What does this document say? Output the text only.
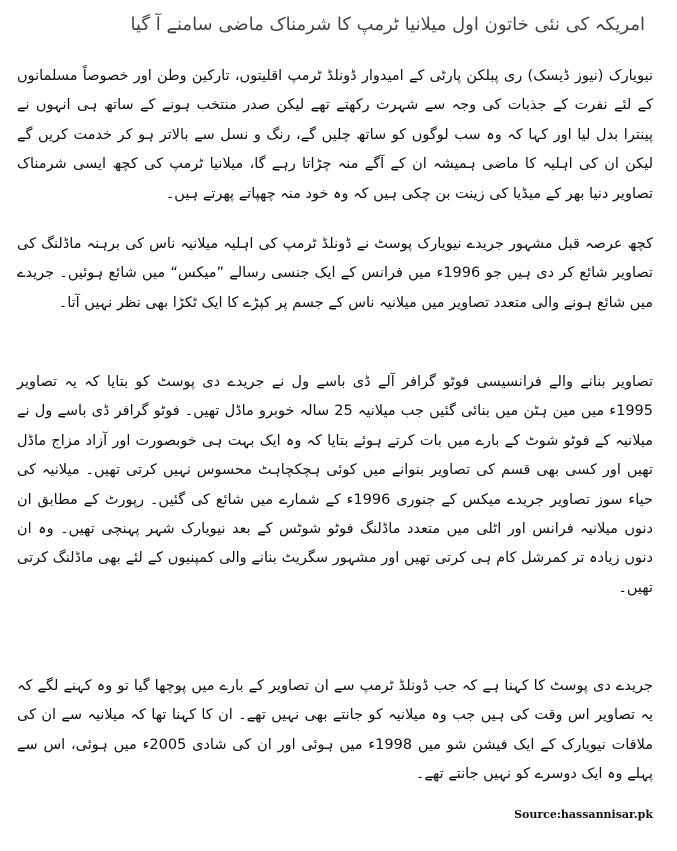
امریکہ کی نئی خاتون اول میلانیا ٹرمپ کا شرمناک ماضی سامنے آ گیا

نیویارک (نیوز ڈیسک) ری پبلکن پارٹی کے امیدوار ڈونلڈ ٹرمپ اقلیتوں، تارکین وطن اور خصوصاً مسلمانوں کے لئے نفرت کے جذبات کی وجہ سے شہرت رکھتے تھے لیکن صدر منتخب ہونے کے ساتھ ہی انہوں نے پینترا بدل لیا اور کہا کہ وہ سب لوگوں کو ساتھ چلیں گے، رنگ و نسل سے بالاتر ہو کر خدمت کریں گے لیکن ان کی اہلیہ کا ماضی ہمیشہ ان کے آگے منہ چڑاتا رہے گا، میلانیا ٹرمپ کی کچھ ایسی شرمناک تصاویر دنیا بھر کے میڈیا کی زینت بن چکی ہیں کہ وہ خود منہ چھپاتے پھرتے ہیں۔

کچھ عرصہ قبل مشہور جریدے نیویارک پوسٹ نے ڈونلڈ ٹرمپ کی اہلیہ میلانیہ ناس کی برہنہ ماڈلنگ کی تصاویر شائع کر دی ہیں جو 1996ء میں فرانس کے ایک جنسی رسالے ”میکس“ میں شائع ہوئیں۔ جریدے میں شائع ہونے والی متعدد تصاویر میں میلانیہ ناس کے جسم پر کپڑے کا ایک ٹکڑا بھی نظر نہیں آتا۔

تصاویر بنانے والے فرانسیسی فوٹو گرافر آلے ڈی باسے ول نے جریدے دی پوسٹ کو بتایا کہ یہ تصاویر 1995ء میں مین ہٹن میں بنائی گئیں جب میلانیہ 25 سالہ خوبرو ماڈل تھیں۔ فوٹو گرافر ڈی باسے ول نے میلانیہ کے فوٹو شوٹ کے بارے میں بات کرتے ہوئے بتایا کہ وہ ایک بہت ہی خوبصورت اور آزاد مزاج ماڈل تھیں اور کسی بھی قسم کی تصاویر بنوانے میں کوئی ہچکچاہٹ محسوس نہیں کرتی تھیں۔ میلانیہ کی حیاء سوز تصاویر جریدے میکس کے جنوری 1996ء کے شمارے میں شائع کی گئیں۔ رپورٹ کے مطابق ان دنوں میلانیہ فرانس اور اٹلی میں متعدد ماڈلنگ فوٹو شوٹس کے بعد نیویارک شہر پہنچی تھیں۔ وہ ان دنوں زیادہ تر کمرشل کام ہی کرتی تھیں اور مشہور سگریٹ بنانے والی کمپنیوں کے لئے بھی ماڈلنگ کرتی تھیں۔

جریدے دی پوسٹ کا کہنا ہے کہ جب ڈونلڈ ٹرمپ سے ان تصاویر کے بارے میں پوچھا گیا تو وہ کہنے لگے کہ یہ تصاویر اس وقت کی ہیں جب وہ میلانیہ کو جانتے بھی نہیں تھے۔ ان کا کہنا تھا کہ میلانیہ سے ان کی ملاقات نیویارک کے ایک فیشن شو میں 1998ء میں ہوئی اور ان کی شادی 2005ء میں ہوئی، اس سے پہلے وہ ایک دوسرے کو نہیں جانتے تھے۔

Source:hassannisar.pk
